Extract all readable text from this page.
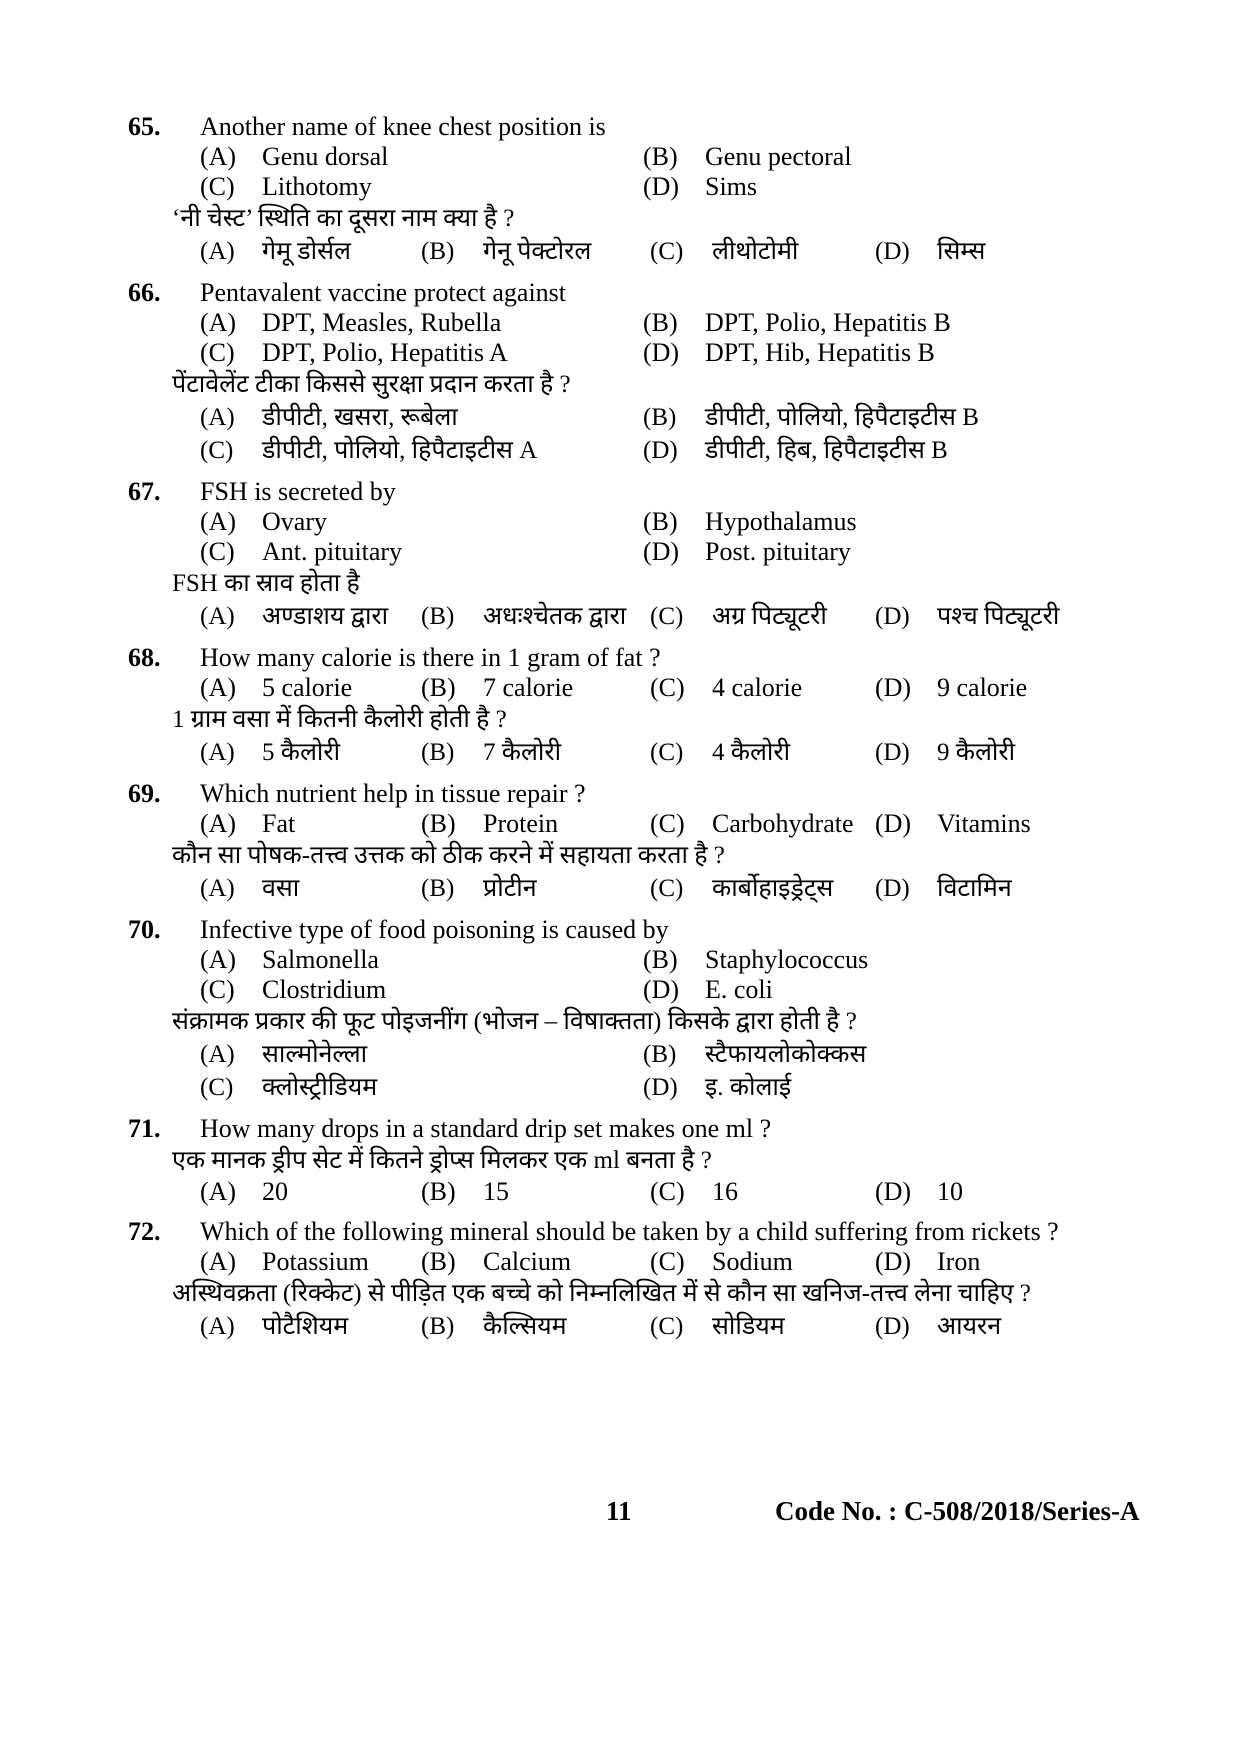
65. Another name of knee chest position is
(A) Genu dorsal	(B) Genu pectoral
(C) Lithotomy	(D) Sims
‘नी चेस्ट’ स्थिति का दूसरा नाम क्या है ?
(A) गेमू डोर्सल	(B) गेनू पेक्टोरल	(C) लीथोटोमी	(D) सिम्स
66. Pentavalent vaccine protect against
(A) DPT, Measles, Rubella	(B) DPT, Polio, Hepatitis B
(C) DPT, Polio, Hepatitis A	(D) DPT, Hib, Hepatitis B
पेंटावेलेंट टीका किससे सुरक्षा प्रदान करता है ?
(A) डीपीटी, खसरा, रूबेला	(B) डीपीटी, पोलियो, हिपैटाइटीस B
(C) डीपीटी, पोलियो, हिपैटाइटीस A	(D) डीपीटी, हिब, हिपैटाइटीस B
67. FSH is secreted by
(A) Ovary	(B) Hypothalamus
(C) Ant. pituitary	(D) Post. pituitary
FSH का स्राव होता है
(A) अण्डाशय द्वारा	(B) अधःश्चेतक द्वारा (C) अग्र पिट्यूटरी	(D) पश्च पिट्यूटरी
68. How many calorie is there in 1 gram of fat ?
(A) 5 calorie	(B) 7 calorie	(C) 4 calorie	(D) 9 calorie
1 ग्राम वसा में कितनी कैलोरी होती है ?
(A) 5 कैलोरी	(B) 7 कैलोरी	(C) 4 कैलोरी	(D) 9 कैलोरी
69. Which nutrient help in tissue repair ?
(A) Fat	(B) Protein	(C) Carbohydrate (D) Vitamins
कौन सा पोषक-तत्त्व उत्तक को ठीक करने में सहायता करता है ?
(A) वसा	(B) प्रोटीन	(C) कार्बोहाइड्रेट्स	(D) विटामिन
70. Infective type of food poisoning is caused by
(A) Salmonella	(B) Staphylococcus
(C) Clostridium	(D) E. coli
संक्रामक प्रकार की फूट पोइजनींग (भोजन – विषाक्तता) किसके द्वारा होती है ?
(A) साल्मोनेल्ला	(B) स्टैफायलोकोक्कस
(C) क्लोस्ट्रीडियम	(D) इ. कोलाई
71. How many drops in a standard drip set makes one ml ?
एक मानक ड्रीप सेट में कितने ड्रोप्स मिलकर एक ml बनता है ?
(A) 20	(B) 15	(C) 16	(D) 10
72. Which of the following mineral should be taken by a child suffering from rickets ?
(A) Potassium	(B) Calcium	(C) Sodium	(D) Iron
अस्थिवक्रता (रिक्केट) से पीड़ित एक बच्चे को निम्नलिखित में से कौन सा खनिज-तत्त्व लेना चाहिए ?
(A) पोटैशियम	(B) कैल्सियम	(C) सोडियम	(D) आयरन
11	Code No. : C-508/2018/Series-A
